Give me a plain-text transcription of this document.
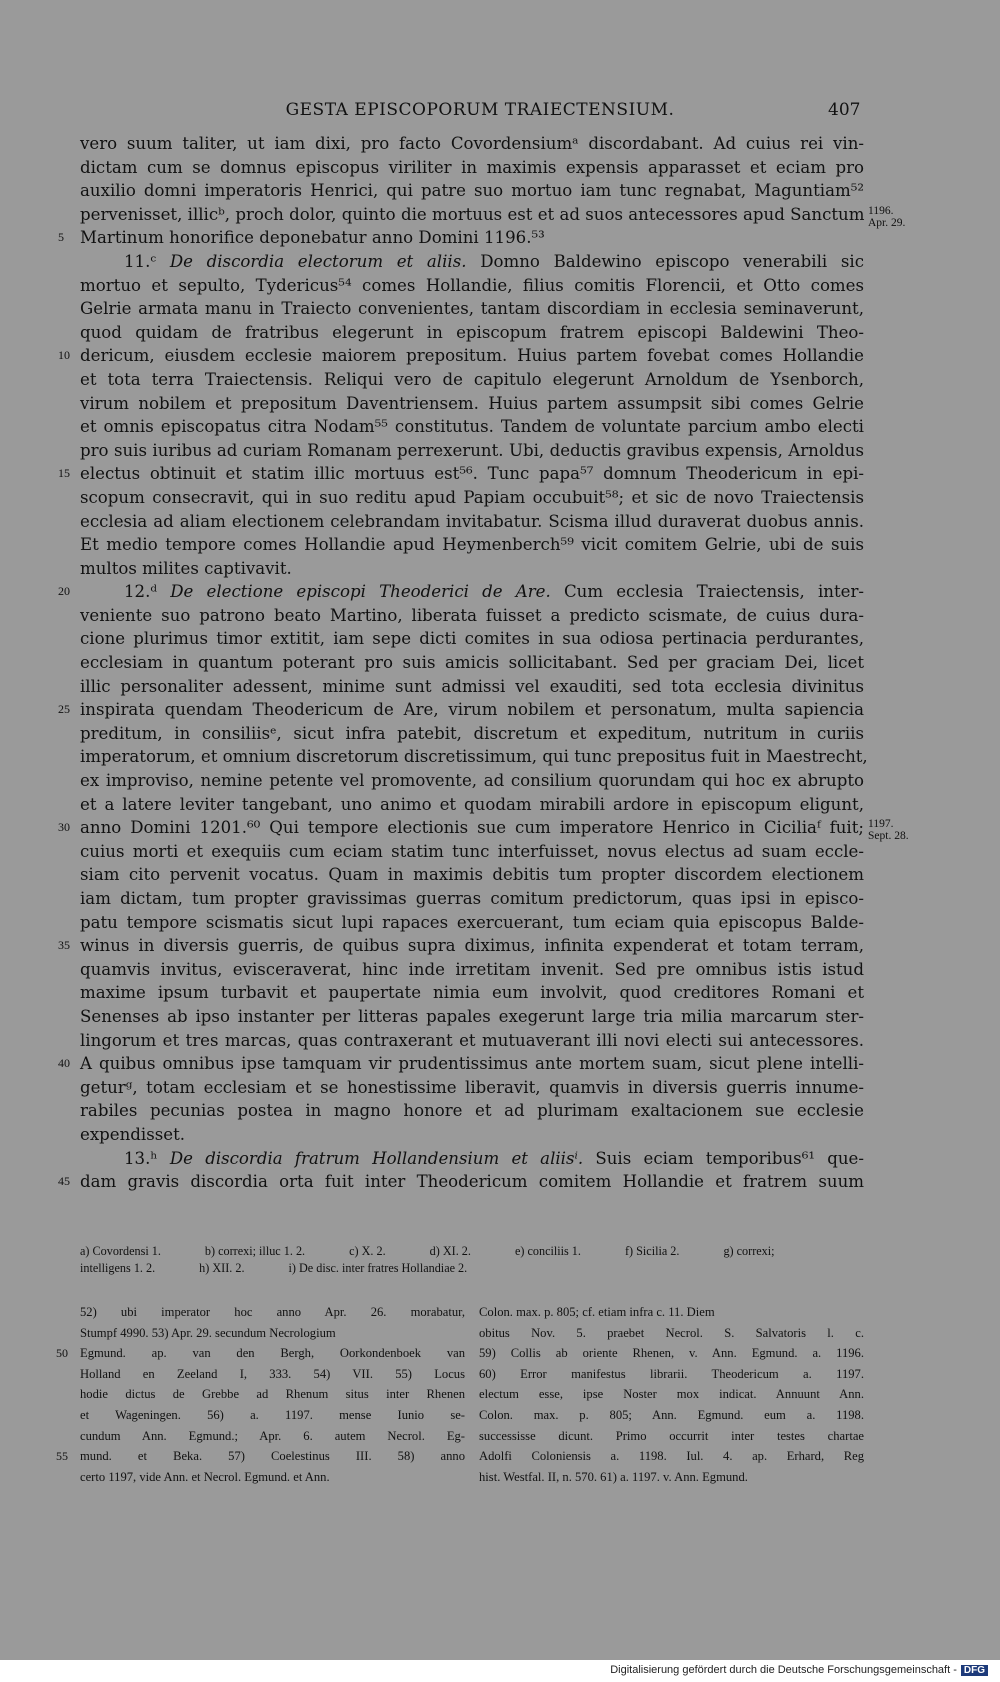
GESTA EPISCOPORUM TRAIECTENSIUM.	407
vero suum taliter, ut iam dixi, pro facto Covordensiumᵃ discordabant. Ad cuius rei vin-
dictam cum se domnus episcopus viriliter in maximis expensis apparasset et eciam pro
auxilio domni imperatoris Henrici, qui patre suo mortuo iam tunc regnabat, Maguntiam⁵²
pervenisset, illicᵇ, proch dolor, quinto die mortuus est et ad suos antecessores apud Sanctum 1196.
Apr. 29.
5 Martinum honorifice deponebatur anno Domini 1196.⁵³
11.ᶜ De discordia electorum et aliis. Domno Baldewino episcopo venerabili sic
mortuo et sepulto, Tydericus⁵⁴ comes Hollandie, filius comitis Florencii, et Otto comes
Gelrie armata manu in Traiecto convenientes, tantam discordiam in ecclesia seminaverunt,
quod quidam de fratribus elegerunt in episcopum fratrem episcopi Baldewini Theo-
10 dericum, eiusdem ecclesie maiorem prepositum. Huius partem fovebat comes Hollandie
et tota terra Traiectensis. Reliqui vero de capitulo elegerunt Arnoldum de Ysenborch,
virum nobilem et prepositum Daventriensem. Huius partem assumpsit sibi comes Gelrie
et omnis episcopatus citra Nodam⁵⁵ constitutus. Tandem de voluntate parcium ambo electi
pro suis iuribus ad curiam Romanam perrexerunt. Ubi, deductis gravibus expensis, Arnoldus
15 electus obtinuit et statim illic mortuus est⁵⁶. Tunc papa⁵⁷ domnum Theodericum in epi-
scopum consecravit, qui in suo reditu apud Papiam occubuit⁵⁸; et sic de novo Traiectensis
ecclesia ad aliam electionem celebrandam invitabatur. Scisma illud duraverat duobus annis.
Et medio tempore comes Hollandie apud Heymenberch⁵⁹ vicit comitem Gelrie, ubi de suis
multos milites captivavit.
20	12.ᵈ De electione episcopi Theoderici de Are. Cum ecclesia Traiectensis, inter-
veniente suo patrono beato Martino, liberata fuisset a predicto scismate, de cuius dura-
cione plurimus timor extitit, iam sepe dicti comites in sua odiosa pertinacia perdurantes,
ecclesiam in quantum poterant pro suis amicis sollicitabant. Sed per graciam Dei, licet
illic personaliter adessent, minime sunt admissi vel exauditi, sed tota ecclesia divinitus
25 inspirata quendam Theodericum de Are, virum nobilem et personatum, multa sapiencia
preditum, in consiliisᵉ, sicut infra patebit, discretum et expeditum, nutritum in curiis
imperatorum, et omnium discretorum discretissimum, qui tunc prepositus fuit in Maestrecht,
ex improviso, nemine petente vel promovente, ad consilium quorundam qui hoc ex abrupto
et a latere leviter tangebant, uno animo et quodam mirabili ardore in episcopum eligunt,
30 anno Domini 1201.⁶⁰ Qui tempore electionis sue cum imperatore Henrico in Ciciliaᶠ fuit; 1197.
Sept. 28.
cuius morti et exequiis cum eciam statim tunc interfuisset, novus electus ad suam eccle-
siam cito pervenit vocatus. Quam in maximis debitis tum propter discordem electionem
iam dictam, tum propter gravissimas guerras comitum predictorum, quas ipsi in episco-
patu tempore scismatis sicut lupi rapaces exercuerant, tum eciam quia episcopus Balde-
35 winus in diversis guerris, de quibus supra diximus, infinita expenderat et totam terram,
quamvis invitus, evisceraverat, hinc inde irretitam invenit. Sed pre omnibus istis istud
maxime ipsum turbavit et paupertate nimia eum involvit, quod creditores Romani et
Senenses ab ipso instanter per litteras papales exegerunt large tria milia marcarum ster-
lingorum et tres marcas, quas contraxerant et mutuaverant illi novi electi sui antecessores.
40 A quibus omnibus ipse tamquam vir prudentissimus ante mortem suam, sicut plene intelli-
geturᵍ, totam ecclesiam et se honestissime liberavit, quamvis in diversis guerris innume-
rabiles pecunias postea in magno honore et ad plurimam exaltacionem sue ecclesie
expendisset.
13.ʰ De discordia fratrum Hollandensium et aliisⁱ. Suis eciam temporibus⁶¹ que-
45 dam gravis discordia orta fuit inter Theodericum comitem Hollandie et fratrem suum
a) Covordensi 1.	b) correxi; illuc 1. 2.	c) X. 2.	d) XI. 2.	e) conciliis 1.	f) Sicilia 2.	g) correxi;
intelligens 1. 2.	h) XII. 2.	i) De disc. inter fratres Hollandiae 2.
52) ubi imperator hoc anno Apr. 26. morabatur,
Stumpf 4990. 53) Apr. 29. secundum Necrologium
50 Egmund. ap. van den Bergh, Oorkondenboek van
Holland en Zeeland I, 333. 54) VII. 55) Locus
hodie dictus de Grebbe ad Rhenum situs inter Rhenen
et Wageningen. 56) a. 1197. mense Iunio se-
cundum Ann. Egmund.; Apr. 6. autem Necrol. Eg-
55 mund. et Beka. 57) Coelestinus III. 58) anno
certo 1197, vide Ann. et Necrol. Egmund. et Ann.
Colon. max. p. 805; cf. etiam infra c. 11. Diem
obitus Nov. 5. praebet Necrol. S. Salvatoris l. c.
59) Collis ab oriente Rhenen, v. Ann. Egmund. a. 1196.
60) Error manifestus librarii. Theodericum a. 1197.
electum esse, ipse Noster mox indicat. Annuunt Ann.
Colon. max. p. 805; Ann. Egmund. eum a. 1198.
successisse dicunt. Primo occurrit inter testes chartae
Adolfi Coloniensis a. 1198. Iul. 4. ap. Erhard, Reg
hist. Westfal. II, n. 570. 61) a. 1197. v. Ann. Egmund.
Digitalisierung gefördert durch die Deutsche Forschungsgemeinschaft - DFG
